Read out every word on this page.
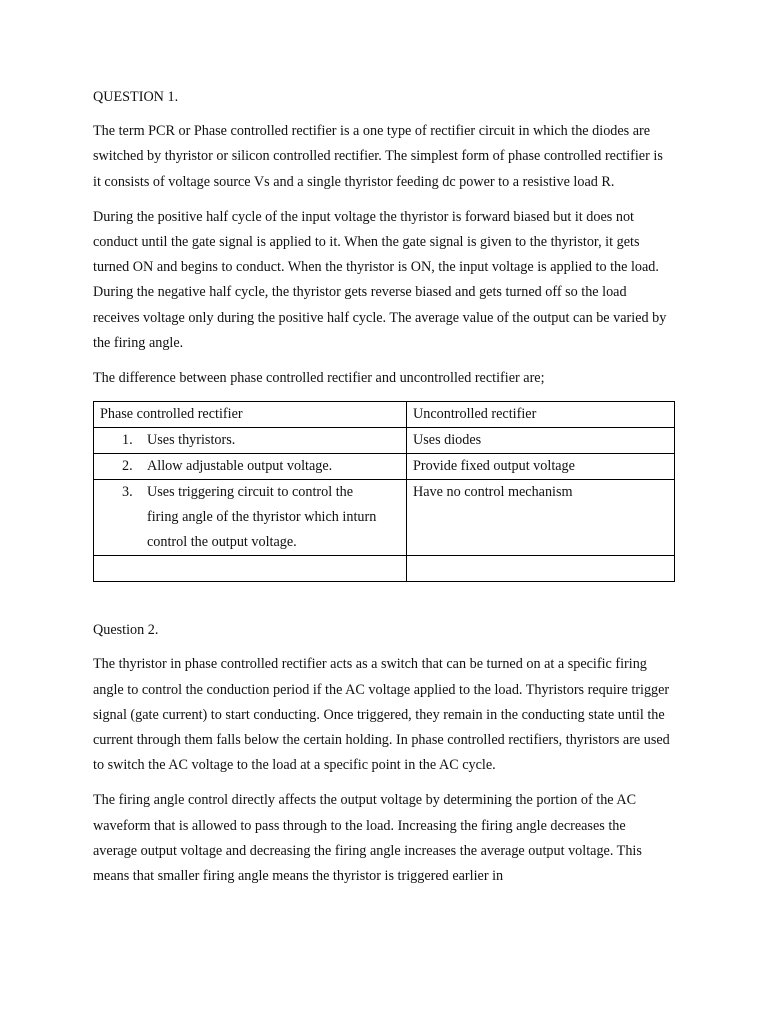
QUESTION 1.

The term PCR or Phase controlled rectifier is a one type of rectifier circuit in which the diodes are switched by thyristor or silicon controlled rectifier. The simplest form of phase controlled rectifier is it consists of voltage source Vs and a single thyristor feeding dc power to a resistive load R.

During the positive half cycle of the input voltage the thyristor is forward biased but it does not conduct until the gate signal is applied to it. When the gate signal is given to the thyristor, it gets turned ON and begins to conduct. When the thyristor is ON, the input voltage is applied to the load. During the negative half cycle, the thyristor gets reverse biased and gets turned off so the load receives voltage only during the positive half cycle. The average value of the output can be varied by the firing angle.

The difference between phase controlled rectifier and uncontrolled rectifier are;

Phase controlled rectifier	Uncontrolled rectifier
1. Uses thyristors.	Uses diodes
2. Allow adjustable output voltage.	Provide fixed output voltage
3. Uses triggering circuit to control the firing angle of the thyristor which inturn control the output voltage.	Have no control mechanism

Question 2.

The thyristor in phase controlled rectifier acts as a switch that can be turned on at a specific firing angle to control the conduction period if the AC voltage applied to the load. Thyristors require trigger signal (gate current) to start conducting. Once triggered, they remain in the conducting state until the current through them falls below the certain holding. In phase controlled rectifiers, thyristors are used to switch the AC voltage to the load at a specific point in the AC cycle.

The firing angle control directly affects the output voltage by determining the portion of the AC waveform that is allowed to pass through to the load. Increasing the firing angle decreases the average output voltage and decreasing the firing angle increases the average output voltage. This means that smaller firing angle means the thyristor is triggered earlier in
